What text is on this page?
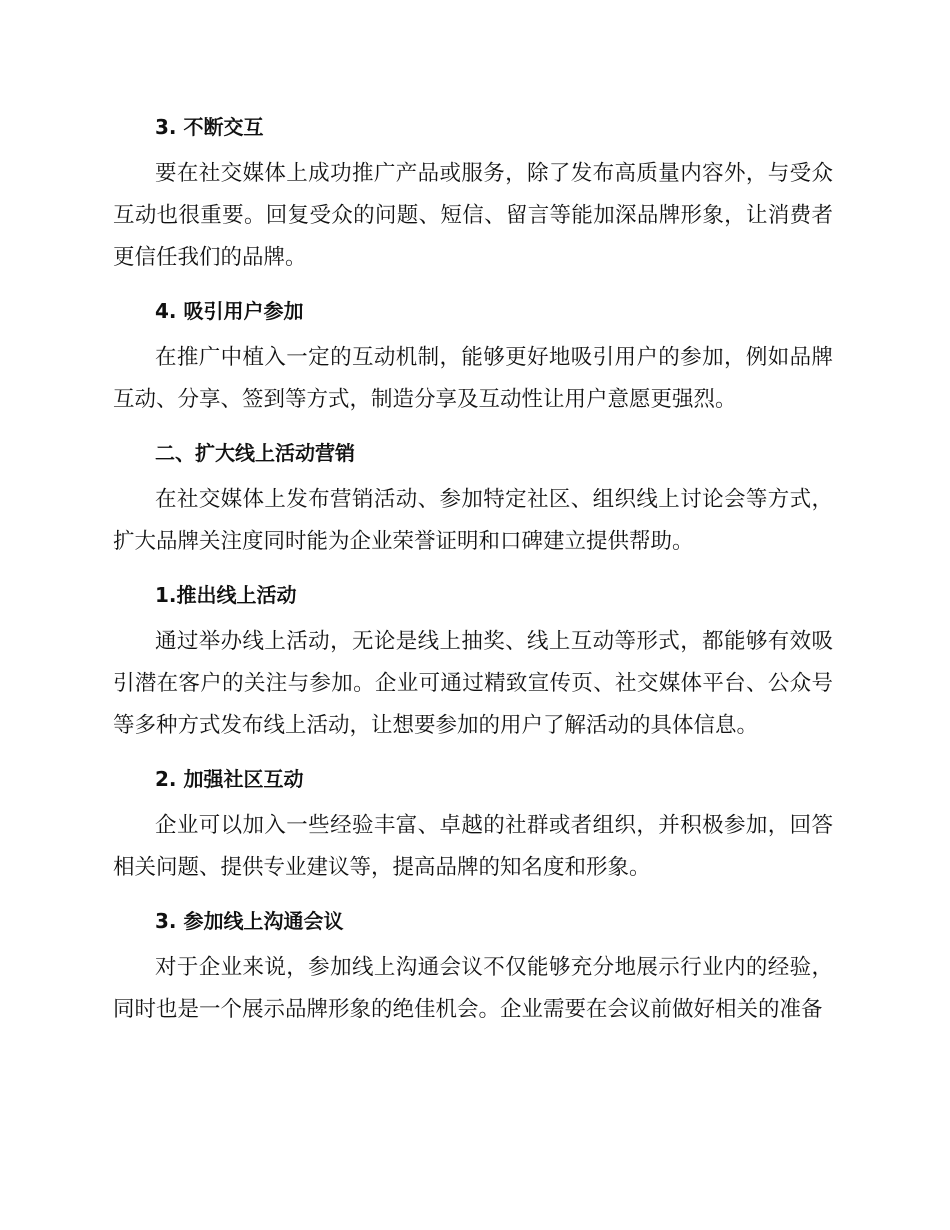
3. 不断交互

要在社交媒体上成功推广产品或服务，除了发布高质量内容外，与受众互动也很重要。回复受众的问题、短信、留言等能加深品牌形象，让消费者更信任我们的品牌。

4. 吸引用户参加

在推广中植入一定的互动机制，能够更好地吸引用户的参加，例如品牌互动、分享、签到等方式，制造分享及互动性让用户意愿更强烈。

二、扩大线上活动营销

在社交媒体上发布营销活动、参加特定社区、组织线上讨论会等方式，扩大品牌关注度同时能为企业荣誉证明和口碑建立提供帮助。

1.推出线上活动

通过举办线上活动，无论是线上抽奖、线上互动等形式，都能够有效吸引潜在客户的关注与参加。企业可通过精致宣传页、社交媒体平台、公众号等多种方式发布线上活动，让想要参加的用户了解活动的具体信息。

2. 加强社区互动

企业可以加入一些经验丰富、卓越的社群或者组织，并积极参加，回答相关问题、提供专业建议等，提高品牌的知名度和形象。

3. 参加线上沟通会议

对于企业来说，参加线上沟通会议不仅能够充分地展示行业内的经验，同时也是一个展示品牌形象的绝佳机会。企业需要在会议前做好相关的准备
